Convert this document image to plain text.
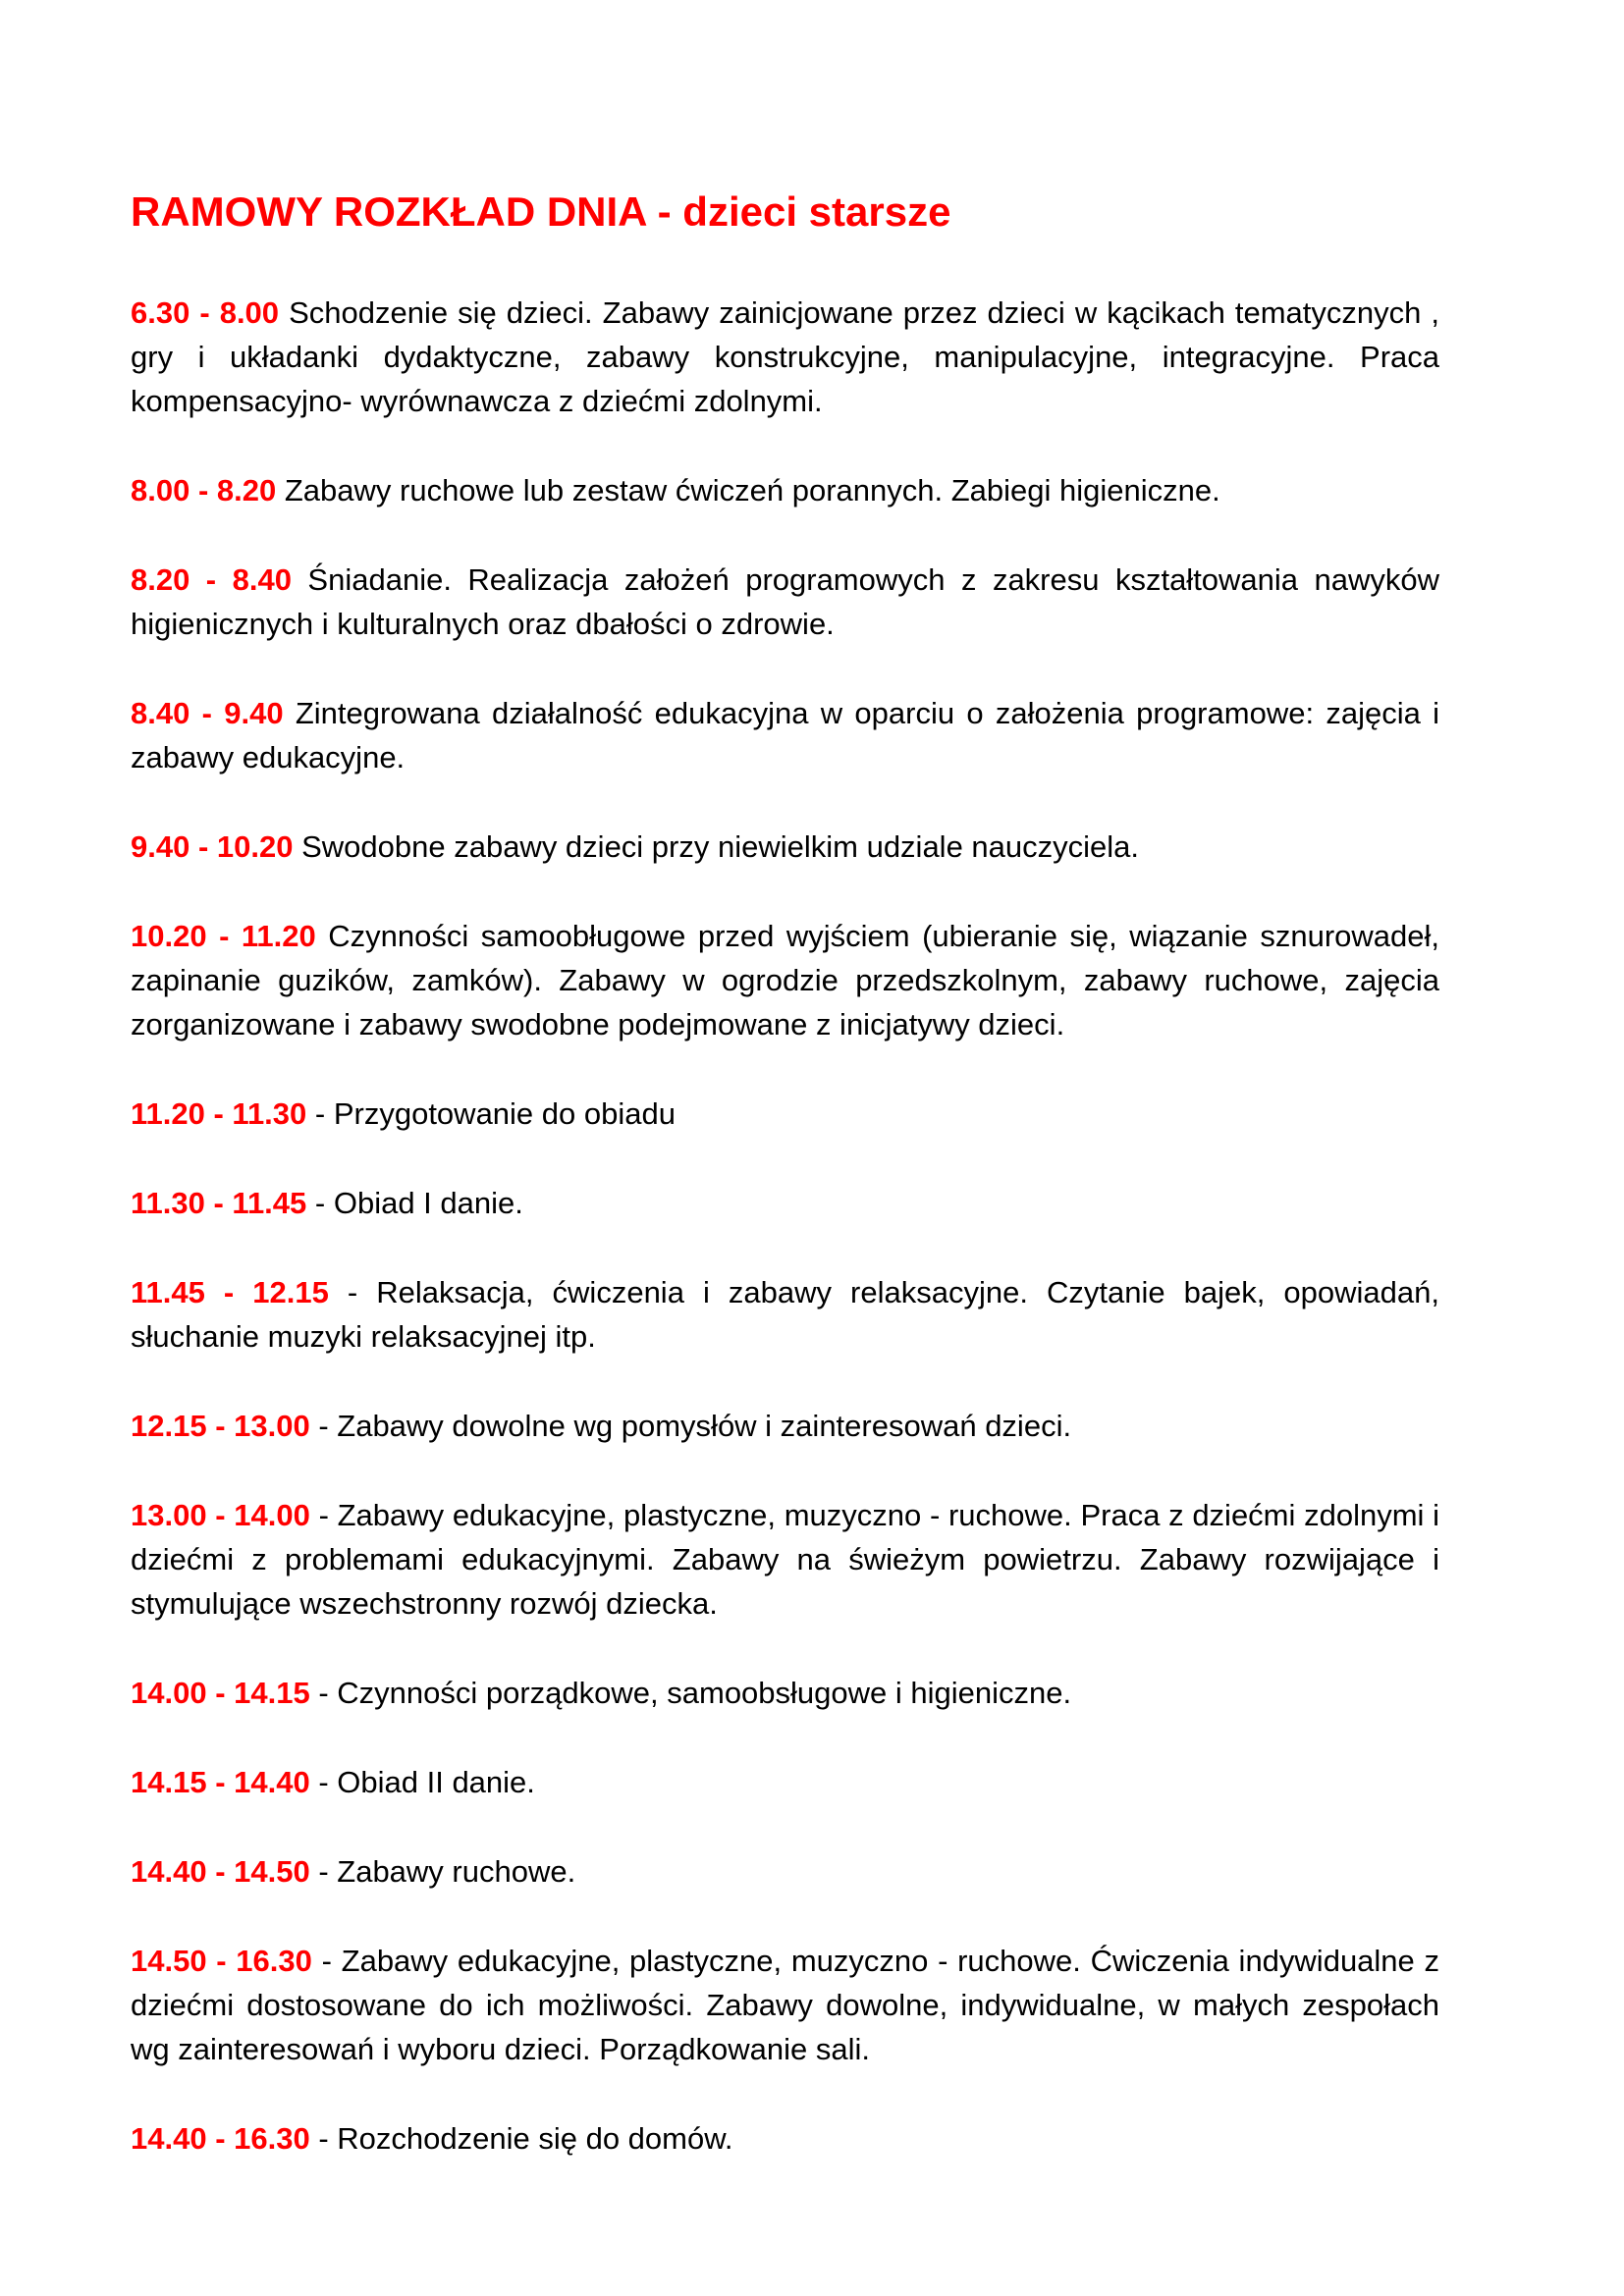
RAMOWY ROZKŁAD DNIA - dzieci starsze

6.30 - 8.00 Schodzenie się dzieci. Zabawy zainicjowane przez dzieci w kącikach tematycznych , gry i układanki dydaktyczne, zabawy konstrukcyjne, manipulacyjne, integracyjne. Praca kompensacyjno- wyrównawcza z dziećmi zdolnymi.

8.00 - 8.20 Zabawy ruchowe lub zestaw ćwiczeń porannych. Zabiegi higieniczne.

8.20 - 8.40 Śniadanie. Realizacja założeń programowych z zakresu kształtowania nawyków higienicznych i kulturalnych oraz dbałości o zdrowie.

8.40 - 9.40 Zintegrowana działalność edukacyjna w oparciu o założenia programowe: zajęcia i zabawy edukacyjne.

9.40 - 10.20 Swodobne zabawy dzieci przy niewielkim udziale nauczyciela.

10.20 - 11.20 Czynności samoobługowe przed wyjściem (ubieranie się, wiązanie sznurowadeł, zapinanie guzików, zamków). Zabawy w ogrodzie przedszkolnym, zabawy ruchowe, zajęcia zorganizowane i zabawy swodobne podejmowane z inicjatywy dzieci.

11.20 - 11.30 - Przygotowanie do obiadu

11.30 - 11.45 - Obiad I danie.

11.45 - 12.15 - Relaksacja, ćwiczenia i zabawy relaksacyjne. Czytanie bajek, opowiadań, słuchanie muzyki relaksacyjnej itp.

12.15 - 13.00 - Zabawy dowolne wg pomysłów i zainteresowań dzieci.

13.00 - 14.00 - Zabawy edukacyjne, plastyczne, muzyczno - ruchowe. Praca z dziećmi zdolnymi i dziećmi z problemami edukacyjnymi. Zabawy na świeżym powietrzu. Zabawy rozwijające i stymulujące wszechstronny rozwój dziecka.

14.00 - 14.15 - Czynności porządkowe, samoobsługowe i higieniczne.

14.15 - 14.40 - Obiad II danie.

14.40 - 14.50 - Zabawy ruchowe.

14.50 - 16.30 - Zabawy edukacyjne, plastyczne, muzyczno - ruchowe. Ćwiczenia indywidualne z dziećmi dostosowane do ich możliwości. Zabawy dowolne, indywidualne, w małych zespołach wg zainteresowań i wyboru dzieci. Porządkowanie sali.

14.40 - 16.30 - Rozchodzenie się do domów.
